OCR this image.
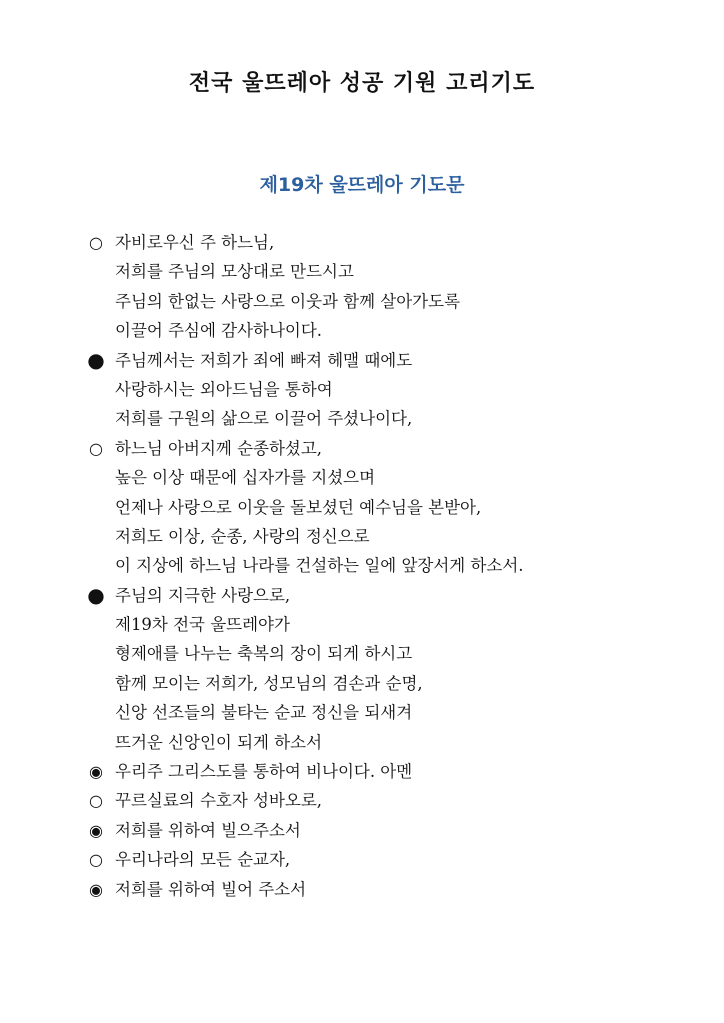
전국 울뜨레아 성공 기원 고리기도
제19차 울뜨레아 기도문
○ 자비로우신 주 하느님,
저희를 주님의 모상대로 만드시고
주님의 한없는 사랑으로 이웃과 함께 살아가도록
이끌어 주심에 감사하나이다.
● 주님께서는 저희가 죄에 빠져 헤맬 때에도
사랑하시는 외아드님을 통하여
저희를 구원의 삶으로 이끌어 주셨나이다,
○ 하느님 아버지께 순종하셨고,
높은 이상 때문에 십자가를 지셨으며
언제나 사랑으로 이웃을 돌보셨던 예수님을 본받아,
저희도 이상, 순종, 사랑의 정신으로
이 지상에 하느님 나라를 건설하는 일에 앞장서게 하소서.
● 주님의 지극한 사랑으로,
제19차 전국 울뜨레야가
형제애를 나누는 축복의 장이 되게 하시고
함께 모이는 저희가, 성모님의 겸손과 순명,
신앙 선조들의 불타는 순교 정신을 되새겨
뜨거운 신앙인이 되게 하소서
◉ 우리주 그리스도를 통하여 비나이다. 아멘
○ 꾸르실료의 수호자 성바오로,
◉ 저희를 위하여 빌으주소서
○ 우리나라의 모든 순교자,
◉ 저희를 위하여 빌어 주소서
